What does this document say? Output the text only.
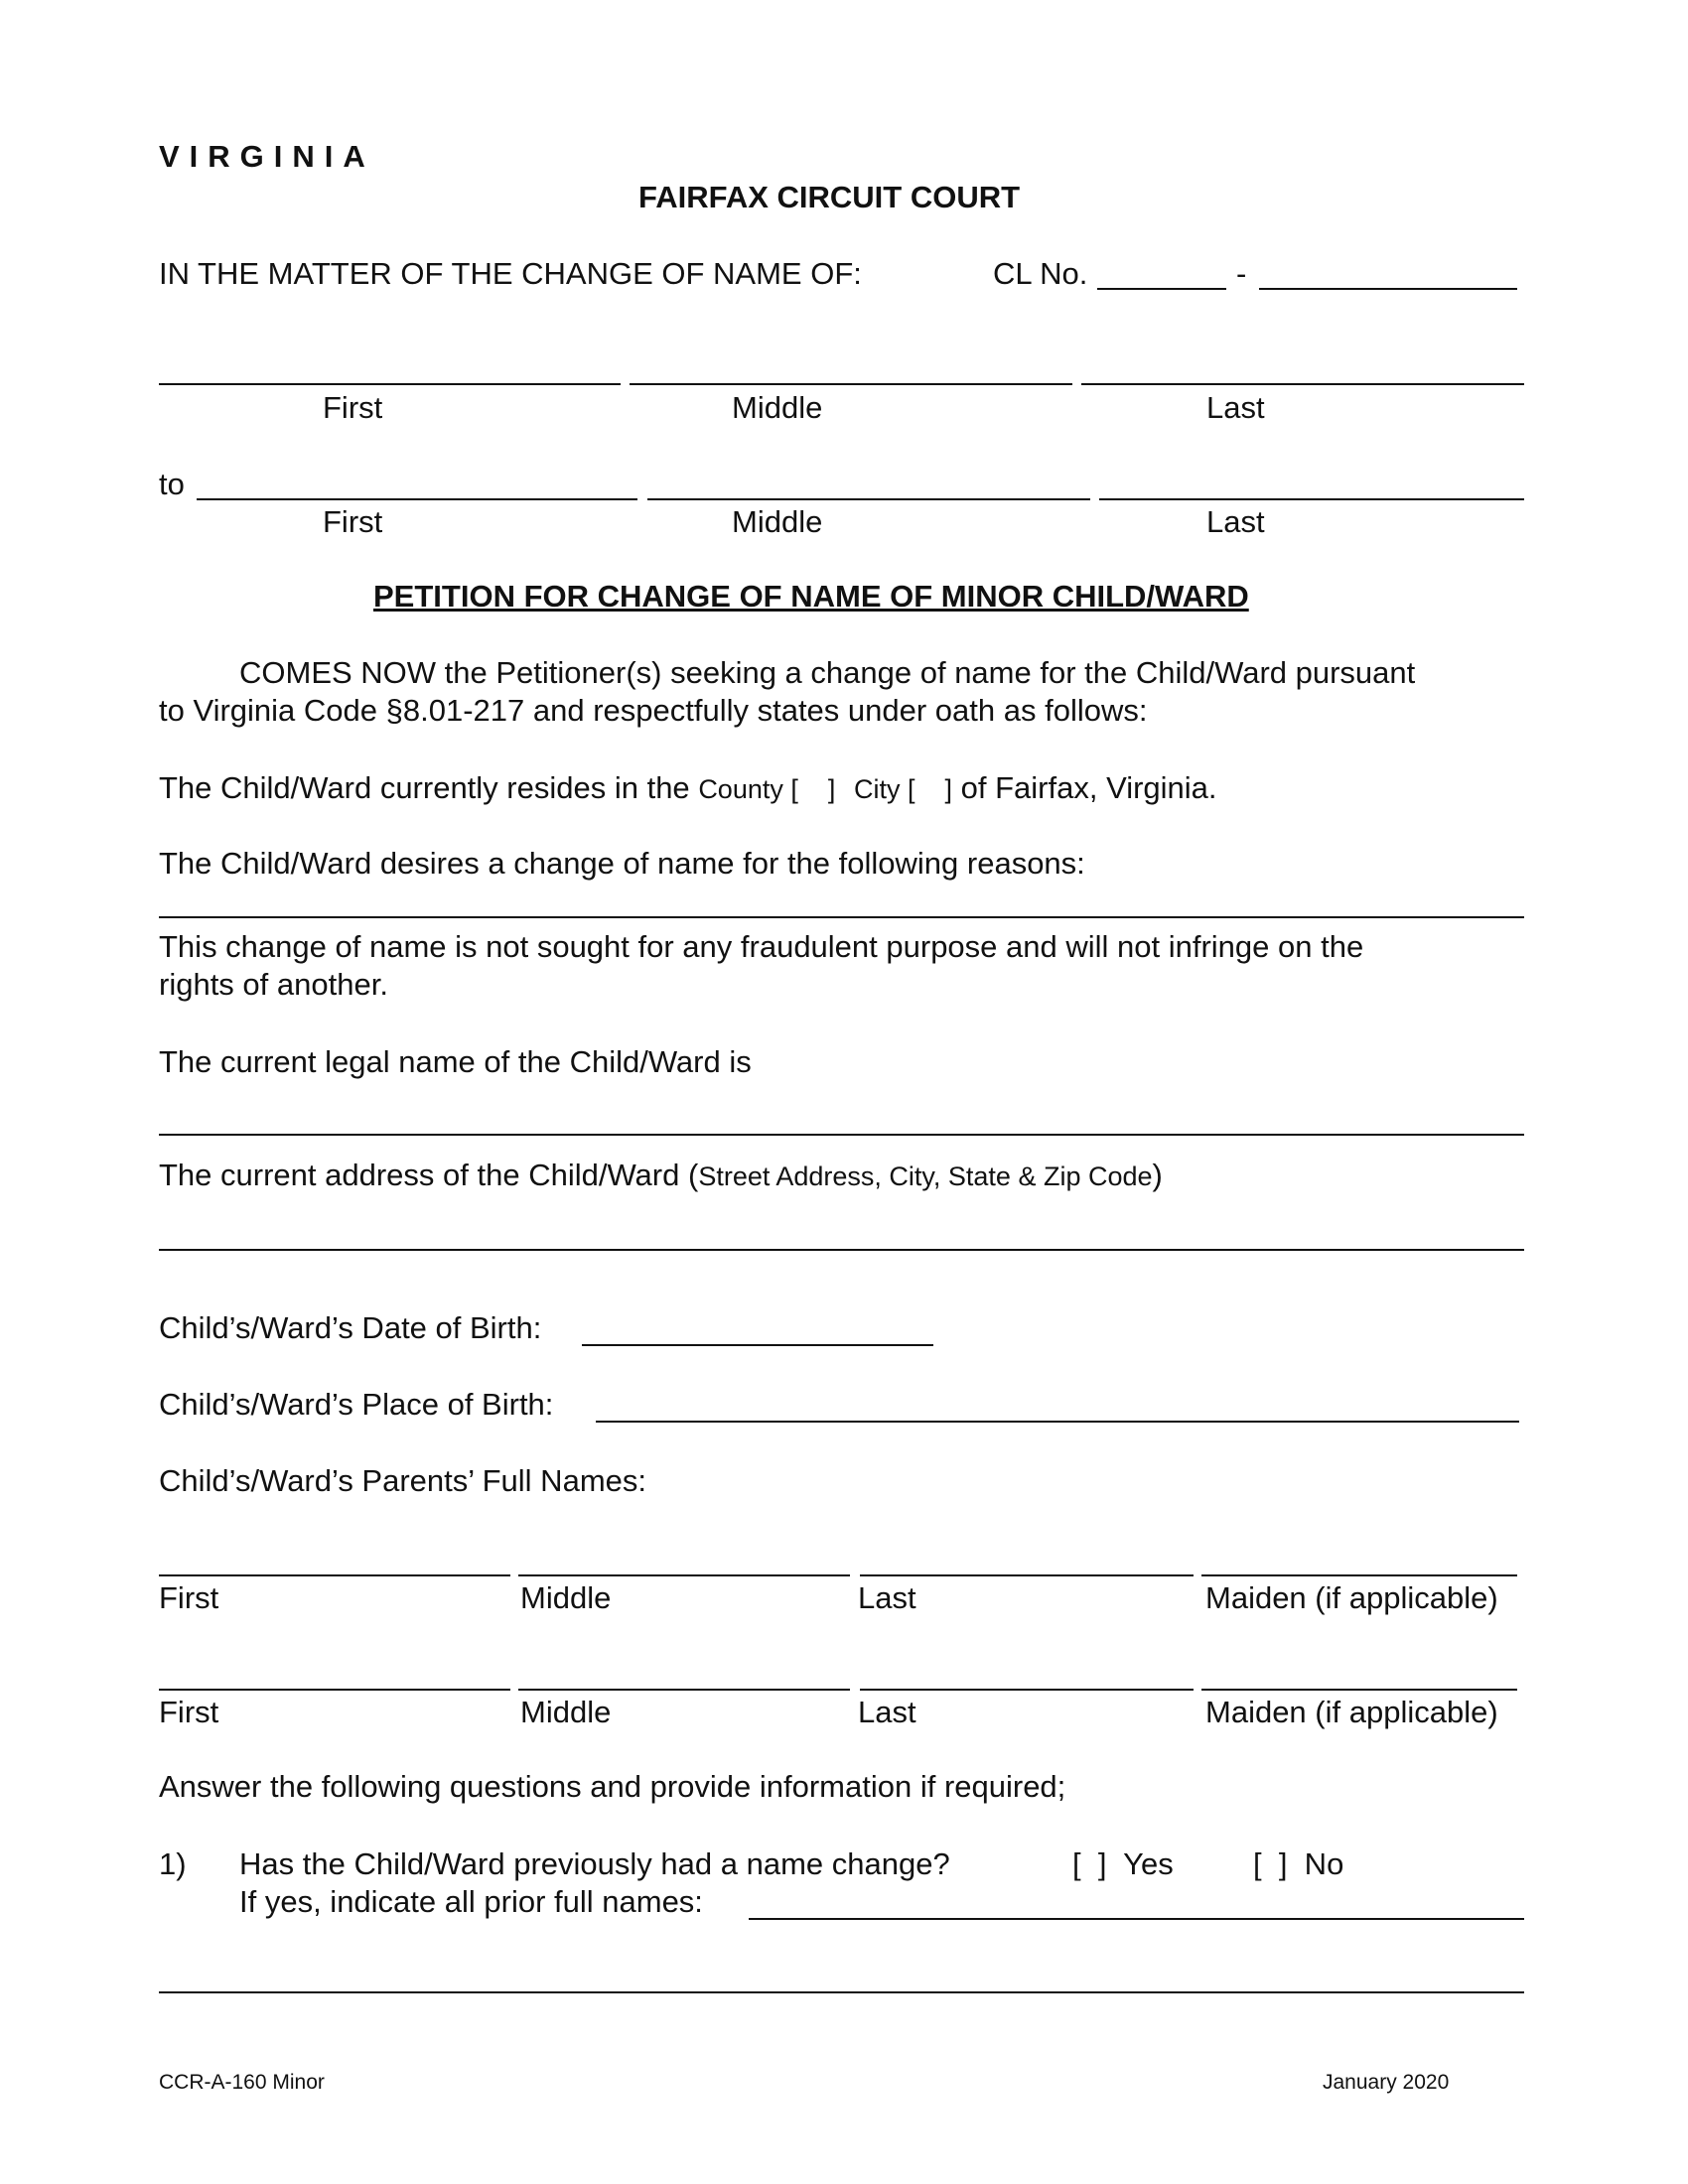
VIRGINIA
FAIRFAX CIRCUIT COURT
IN THE MATTER OF THE CHANGE OF NAME OF:	CL No.	-
First	Middle	Last
to
First	Middle	Last
PETITION FOR CHANGE OF NAME OF MINOR CHILD/WARD
COMES NOW the Petitioner(s) seeking a change of name for the Child/Ward pursuant
to Virginia Code §8.01-217 and respectfully states under oath as follows:
The Child/Ward currently resides in the County [    ] City [    ] of Fairfax, Virginia.
The Child/Ward desires a change of name for the following reasons:
This change of name is not sought for any fraudulent purpose and will not infringe on the
rights of another.
The current legal name of the Child/Ward is
The current address of the Child/Ward (Street Address, City, State & Zip Code)
Child’s/Ward’s Date of Birth:
Child’s/Ward’s Place of Birth:
Child’s/Ward’s Parents’ Full Names:
First	Middle	Last	Maiden (if applicable)
First	Middle	Last	Maiden (if applicable)
Answer the following questions and provide information if required;
1) Has the Child/Ward previously had a name change?	[  ]  Yes	[  ]  No
If yes, indicate all prior full names:
CCR-A-160 Minor	January 2020
